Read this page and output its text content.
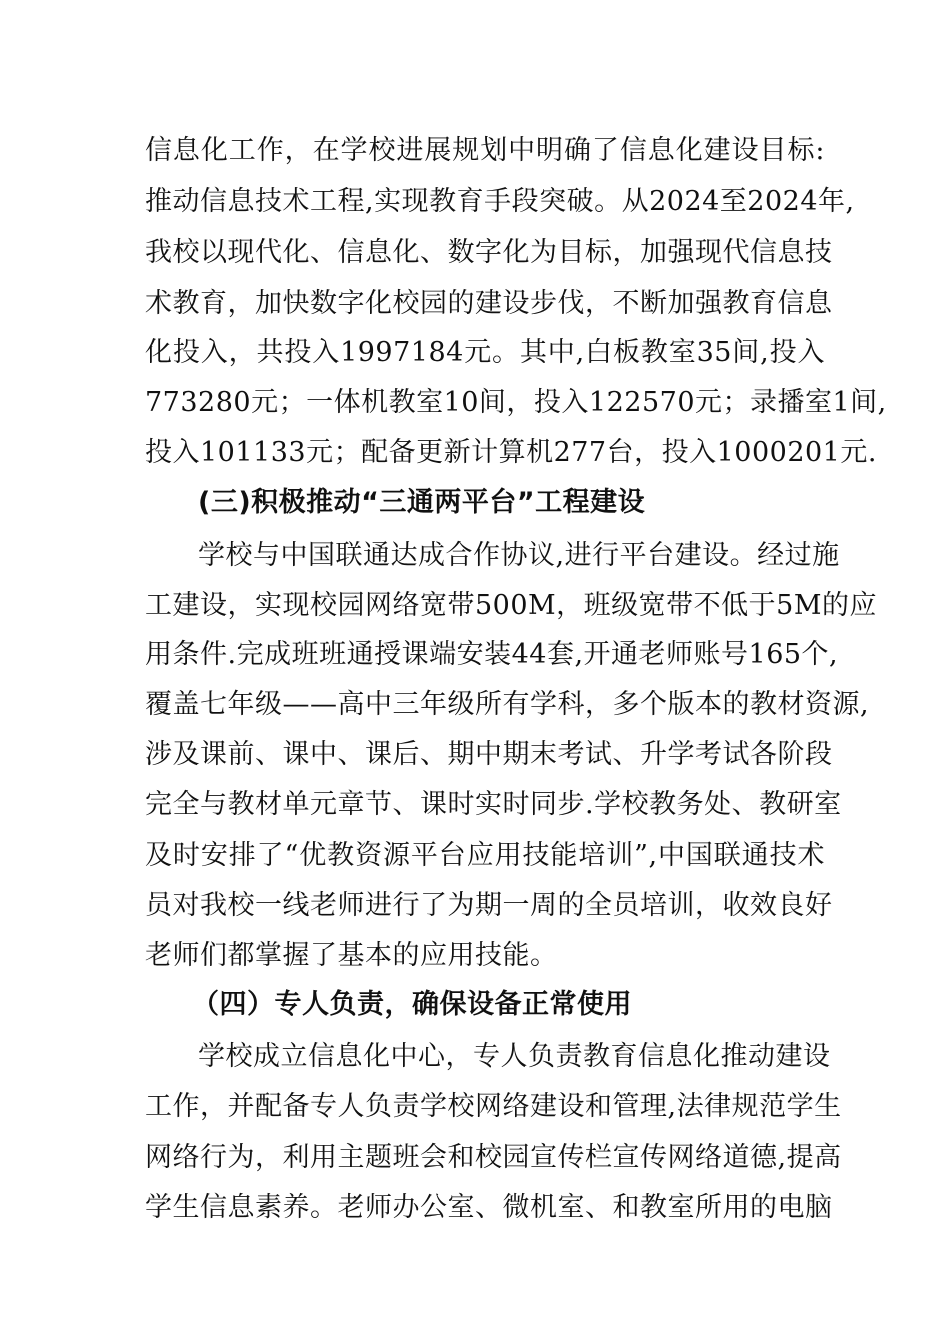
信息化工作，在学校进展规划中明确了信息化建设目标:
推动信息技术工程,实现教育手段突破。从2024至2024年,
我校以现代化、信息化、数字化为目标，加强现代信息技
术教育，加快数字化校园的建设步伐，不断加强教育信息
化投入，共投入1997184元。其中,白板教室35间,投入
773280元；一体机教室10间，投入122570元；录播室1间,
投入101133元；配备更新计算机277台，投入1000201元.
(三)积极推动“三通两平台”工程建设
学校与中国联通达成合作协议,进行平台建设。经过施
工建设，实现校园网络宽带500M，班级宽带不低于5M的应
用条件.完成班班通授课端安装44套,开通老师账号165个,
覆盖七年级——高中三年级所有学科，多个版本的教材资源,
涉及课前、课中、课后、期中期末考试、升学考试各阶段
完全与教材单元章节、课时实时同步.学校教务处、教研室
及时安排了“优教资源平台应用技能培训”,中国联通技术
员对我校一线老师进行了为期一周的全员培训，收效良好
老师们都掌握了基本的应用技能。
（四）专人负责，确保设备正常使用
学校成立信息化中心，专人负责教育信息化推动建设
工作，并配备专人负责学校网络建设和管理,法律规范学生
网络行为，利用主题班会和校园宣传栏宣传网络道德,提高
学生信息素养。老师办公室、微机室、和教室所用的电脑
